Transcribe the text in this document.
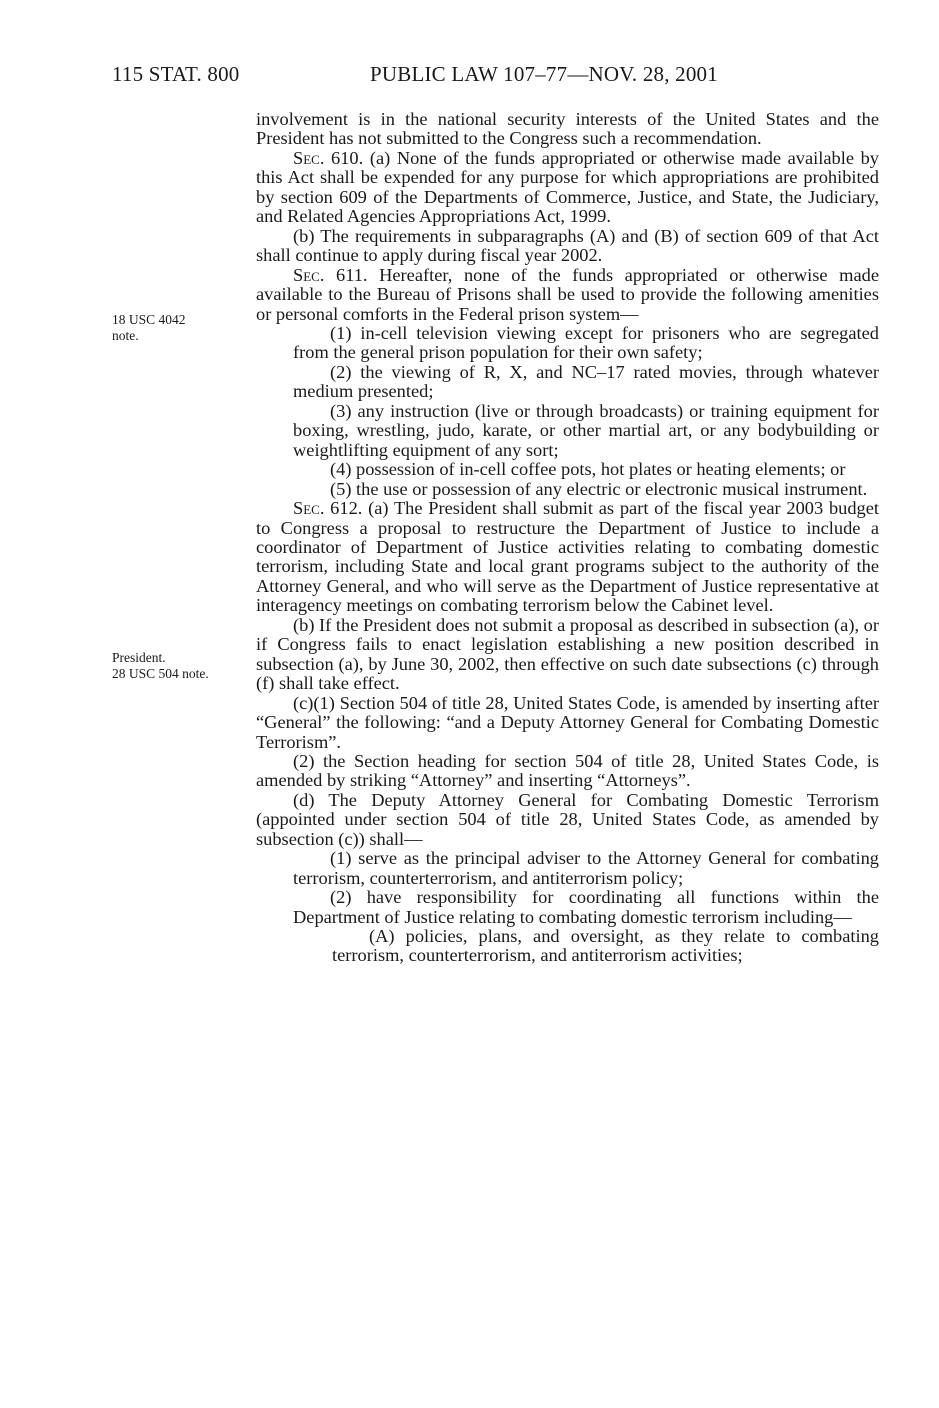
115 STAT. 800	PUBLIC LAW 107–77—NOV. 28, 2001
18 USC 4042
note.
President.
28 USC 504 note.

involvement is in the national security interests of the United States and the President has not submitted to the Congress such a recommendation.

Sec. 610. (a) None of the funds appropriated or otherwise made available by this Act shall be expended for any purpose for which appropriations are prohibited by section 609 of the Departments of Commerce, Justice, and State, the Judiciary, and Related Agencies Appropriations Act, 1999.

(b) The requirements in subparagraphs (A) and (B) of section 609 of that Act shall continue to apply during fiscal year 2002.

Sec. 611. Hereafter, none of the funds appropriated or otherwise made available to the Bureau of Prisons shall be used to provide the following amenities or personal comforts in the Federal prison system—

(1) in-cell television viewing except for prisoners who are segregated from the general prison population for their own safety;

(2) the viewing of R, X, and NC–17 rated movies, through whatever medium presented;

(3) any instruction (live or through broadcasts) or training equipment for boxing, wrestling, judo, karate, or other martial art, or any bodybuilding or weightlifting equipment of any sort;

(4) possession of in-cell coffee pots, hot plates or heating elements; or

(5) the use or possession of any electric or electronic musical instrument.

Sec. 612. (a) The President shall submit as part of the fiscal year 2003 budget to Congress a proposal to restructure the Department of Justice to include a coordinator of Department of Justice activities relating to combating domestic terrorism, including State and local grant programs subject to the authority of the Attorney General, and who will serve as the Department of Justice representative at interagency meetings on combating terrorism below the Cabinet level.

(b) If the President does not submit a proposal as described in subsection (a), or if Congress fails to enact legislation establishing a new position described in subsection (a), by June 30, 2002, then effective on such date subsections (c) through (f) shall take effect.

(c)(1) Section 504 of title 28, United States Code, is amended by inserting after “General” the following: “and a Deputy Attorney General for Combating Domestic Terrorism”.

(2) the Section heading for section 504 of title 28, United States Code, is amended by striking “Attorney” and inserting “Attorneys”.

(d) The Deputy Attorney General for Combating Domestic Terrorism (appointed under section 504 of title 28, United States Code, as amended by subsection (c)) shall—

(1) serve as the principal adviser to the Attorney General for combating terrorism, counterterrorism, and antiterrorism policy;

(2) have responsibility for coordinating all functions within the Department of Justice relating to combating domestic terrorism including—

(A) policies, plans, and oversight, as they relate to combating terrorism, counterterrorism, and antiterrorism activities;
